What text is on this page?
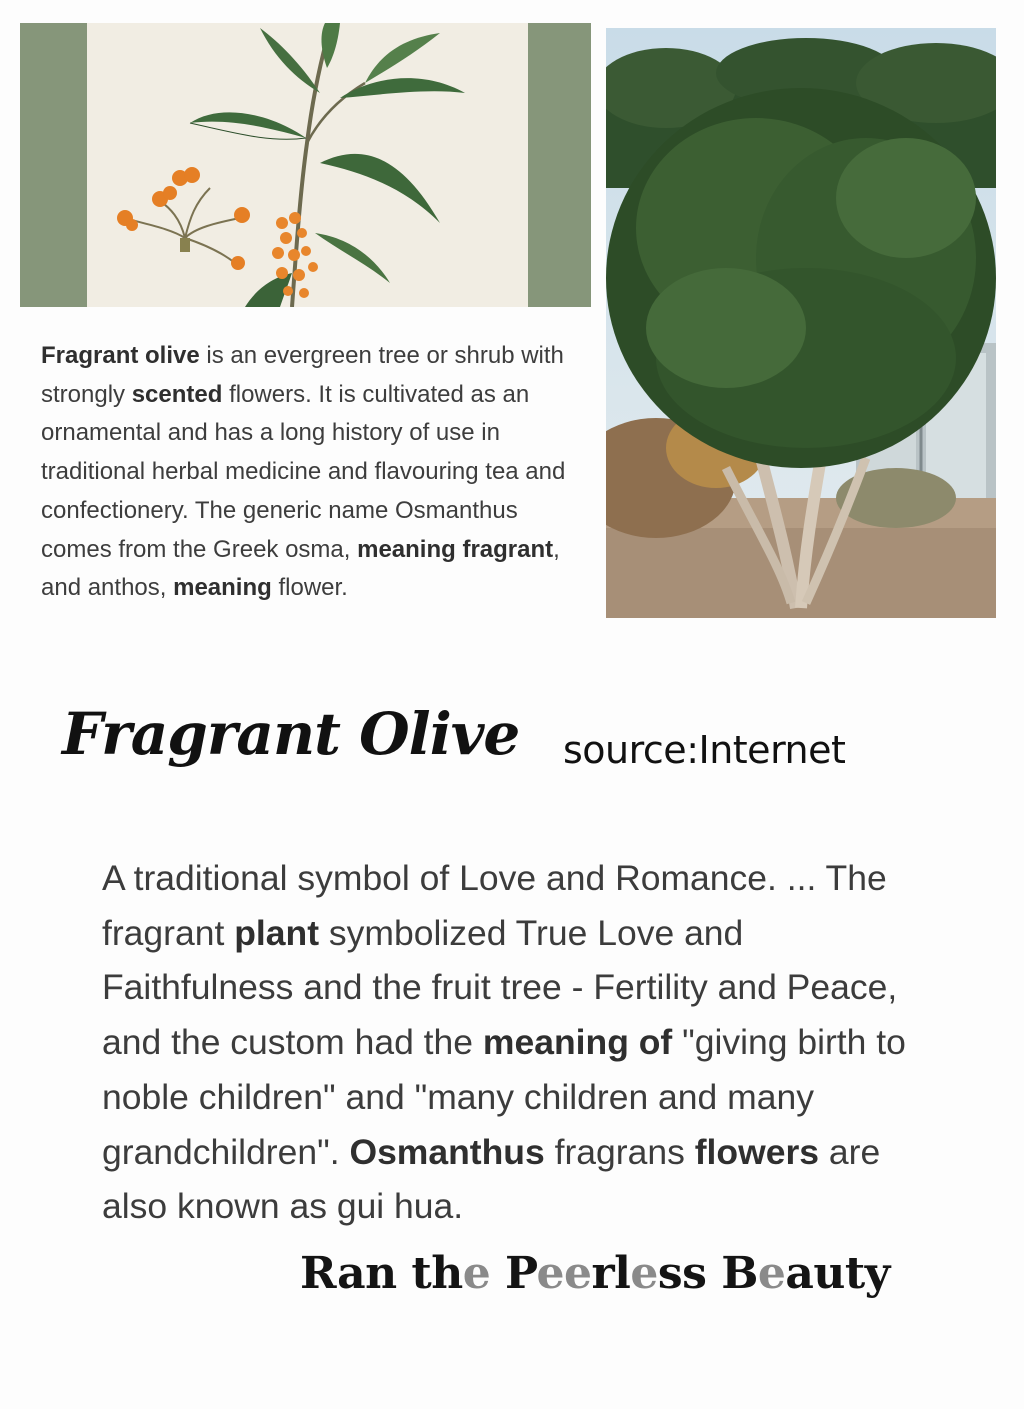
Fragrant olive is an evergreen tree or shrub with strongly scented flowers. It is cultivated as an ornamental and has a long history of use in traditional herbal medicine and flavouring tea and confectionery. The generic name Osmanthus comes from the Greek osma, meaning fragrant, and anthos, meaning flower.
Fragrant Olive source:Internet
A traditional symbol of Love and Romance. ... The fragrant plant symbolized True Love and Faithfulness and the fruit tree - Fertility and Peace, and the custom had the meaning of "giving birth to noble children" and "many children and many grandchildren". Osmanthus fragrans flowers are also known as gui hua.
Ran the Peerless Beauty
